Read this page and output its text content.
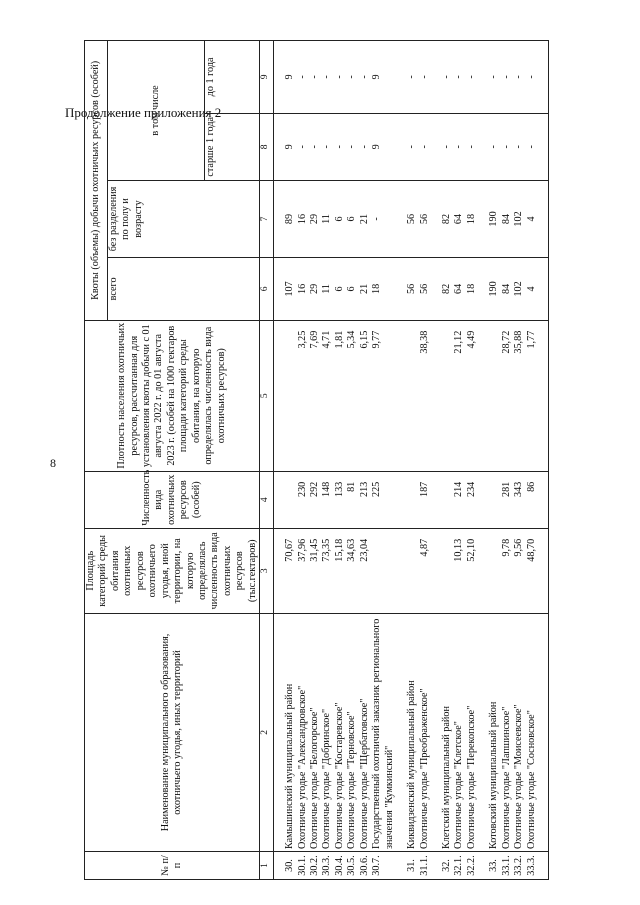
8
Продолжение приложения 2
№ п/п	Наименование муниципального образования, охотничьего угодья, иных территорий	Площадь категорий среды обитания охотничьих ресурсов охотничьего угодья, иной территории, на которую определялась численность вида охотничьих ресурсов (тыс.гектаров)	Численность вида охотничьих ресурсов (особей)	Плотность населения охотничьих ресурсов, рассчитанная для установления квоты добычи с 01 августа 2022 г. до 01 августа 2023 г. (особей на 1000 гектаров площади категорий среды обитания, на которую определялась численность вида охотничьих ресурсов)	Квоты (объемы) добычи охотничьих ресурсов (особей)			
					всего	без разделения по полу и возрасту	в том числе	
							старше 1 года	до 1 года
1	2	3	4	5	6	7	8	9

30.	Камышинский муниципальный район	70,67			107	89	9	9
30.1.	Охотничье угодье "Александровское"	37,96	230	3,25	16	16	-	-
30.2.	Охотничье угодье "Белогорское"	31,45	292	7,69	29	29	-	-
30.3.	Охотничье угодье "Добринское"	73,35	148	4,71	11	11	-	-
30.4.	Охотничье угодье "Костаревское"	15,18	133	1,81	6	6	-	-
30.5.	Охотничье угодье "Терновское"	34,63	81	5,34	6	6	-	-
30.6.	Охотничье угодье "Щербатовское"	23,04	213	6,15	21	21	-	-
30.7.	Государственный охотничий заказник регионального значения "Кумкинский"		225	9,77	18	-	9	9

31.	Киквидзенский муниципальный район				56	56	-	-
31.1.	Охотничье угодье "Преображенское"	4,87	187	38,38	56	56	-	-

32.	Клетский муниципальный район				82	82	-	-
32.1.	Охотничье угодье "Клетское"	10,13	214	21,12	64	64	-	-
32.2.	Охотничье угодье "Перекопское"	52,10	234	4,49	18	18	-	-

33.	Котовский муниципальный район				190	190	-	-
33.1.	Охотничье угодье "Лапшинское"	9,78	281	28,72	84	84	-	-
33.2.	Охотничье угодье "Моисеевское"	9,56	343	35,88	102	102	-	-
33.3.	Охотничье угодье "Сосновское"	48,70	86	1,77	4	4	-	-
